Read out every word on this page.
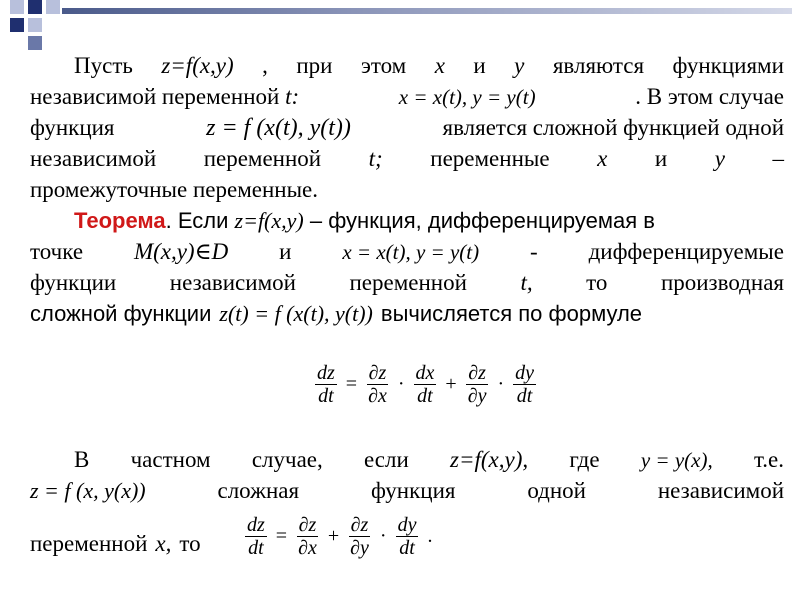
Пусть z=f(x,y) , при этом x и y являются функциями
независимой переменной t:	x = x(t), y = y(t)	. В этом случае
функция	z = f (x(t), y(t))	является сложной функцией одной
независимой переменной t; переменные x и y –
промежуточные переменные.
Теорема . Если
z=f(x,y)
– функция, дифференцируемая в
точке M(x,y)∈D и x = x(t), y = y(t) - дифференцируемые
функции независимой переменной t, то производная
сложной функции z(t) = f (x(t), y(t)) вычисляется по формуле
$\frac{dz}{dt} = \frac{\partial z}{\partial x} \cdot \frac{dx}{dt} + \frac{\partial z}{\partial y} \cdot \frac{dy}{dt}$
В частном случае, если z=f(x,y), где y = y(x), т.е.
z = f (x, y(x))	сложная	функция	одной	независимой
переменной x, то $\frac{dz}{dt} = \frac{\partial z}{\partial x} + \frac{\partial z}{\partial y} \cdot \frac{dy}{dt}$ .
